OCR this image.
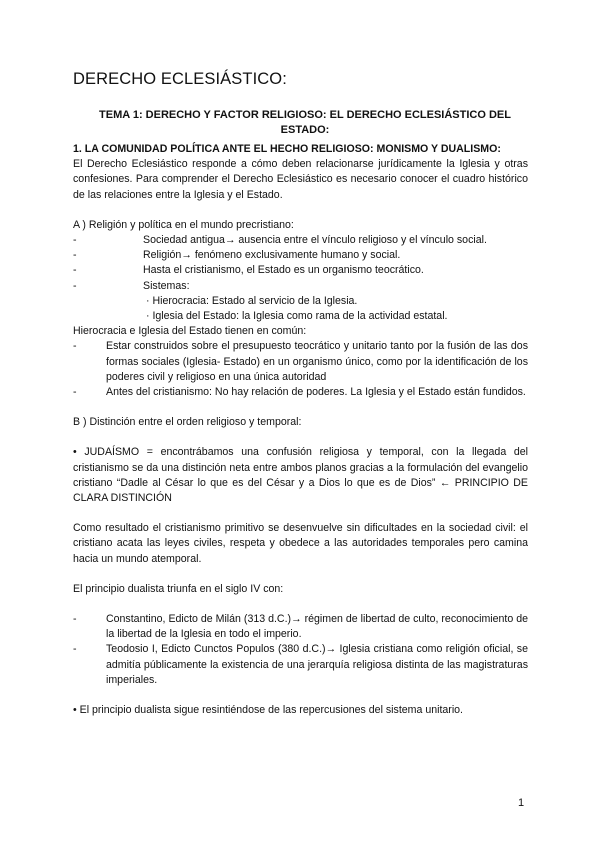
DERECHO ECLESIÁSTICO:
TEMA 1: DERECHO Y FACTOR RELIGIOSO: EL DERECHO ECLESIÁSTICO DEL ESTADO:

1. LA COMUNIDAD POLÍTICA ANTE EL HECHO RELIGIOSO: MONISMO Y DUALISMO:

El Derecho Eclesiástico responde a cómo deben relacionarse jurídicamente la Iglesia y otras confesiones. Para comprender el Derecho Eclesiástico es necesario conocer el cuadro histórico de las relaciones entre la Iglesia y el Estado.

A ) Religión y política en el mundo precristiano:

-	Sociedad antigua→ ausencia entre el vínculo religioso y el vínculo social.
-	Religión→ fenómeno exclusivamente humano y social.
-	Hasta el cristianismo, el Estado es un organismo teocrático.
-	Sistemas:

· Hierocracia: Estado al servicio de la Iglesia.

· Iglesia del Estado: la Iglesia como rama de la actividad estatal.

Hierocracia e Iglesia del Estado tienen en común:

-	Estar construidos sobre el presupuesto teocrático y unitario tanto por la fusión de las dos formas sociales (Iglesia- Estado) en un organismo único, como por la identificación de los poderes civil y religioso en una única autoridad
-	Antes del cristianismo: No hay relación de poderes. La Iglesia y el Estado están fundidos.

B ) Distinción entre el orden religioso y temporal:

• JUDAÍSMO = encontrábamos una confusión religiosa y temporal, con la llegada del cristianismo se da una distinción neta entre ambos planos gracias a la formulación del evangelio cristiano “Dadle al César lo que es del César y a Dios lo que es de Dios” ← PRINCIPIO DE CLARA DISTINCIÓN

Como resultado el cristianismo primitivo se desenvuelve sin dificultades en la sociedad civil: el cristiano acata las leyes civiles, respeta y obedece a las autoridades temporales pero camina hacia un mundo atemporal.

El principio dualista triunfa en el siglo IV con:

-	Constantino, Edicto de Milán (313 d.C.)→ régimen de libertad de culto, reconocimiento de la libertad de la Iglesia en todo el imperio.
-	Teodosio I, Edicto Cunctos Populos (380 d.C.)→ Iglesia cristiana como religión oficial, se admitía públicamente la existencia de una jerarquía religiosa distinta de las magistraturas imperiales.

• El principio dualista sigue resintiéndose de las repercusiones del sistema unitario.

1
